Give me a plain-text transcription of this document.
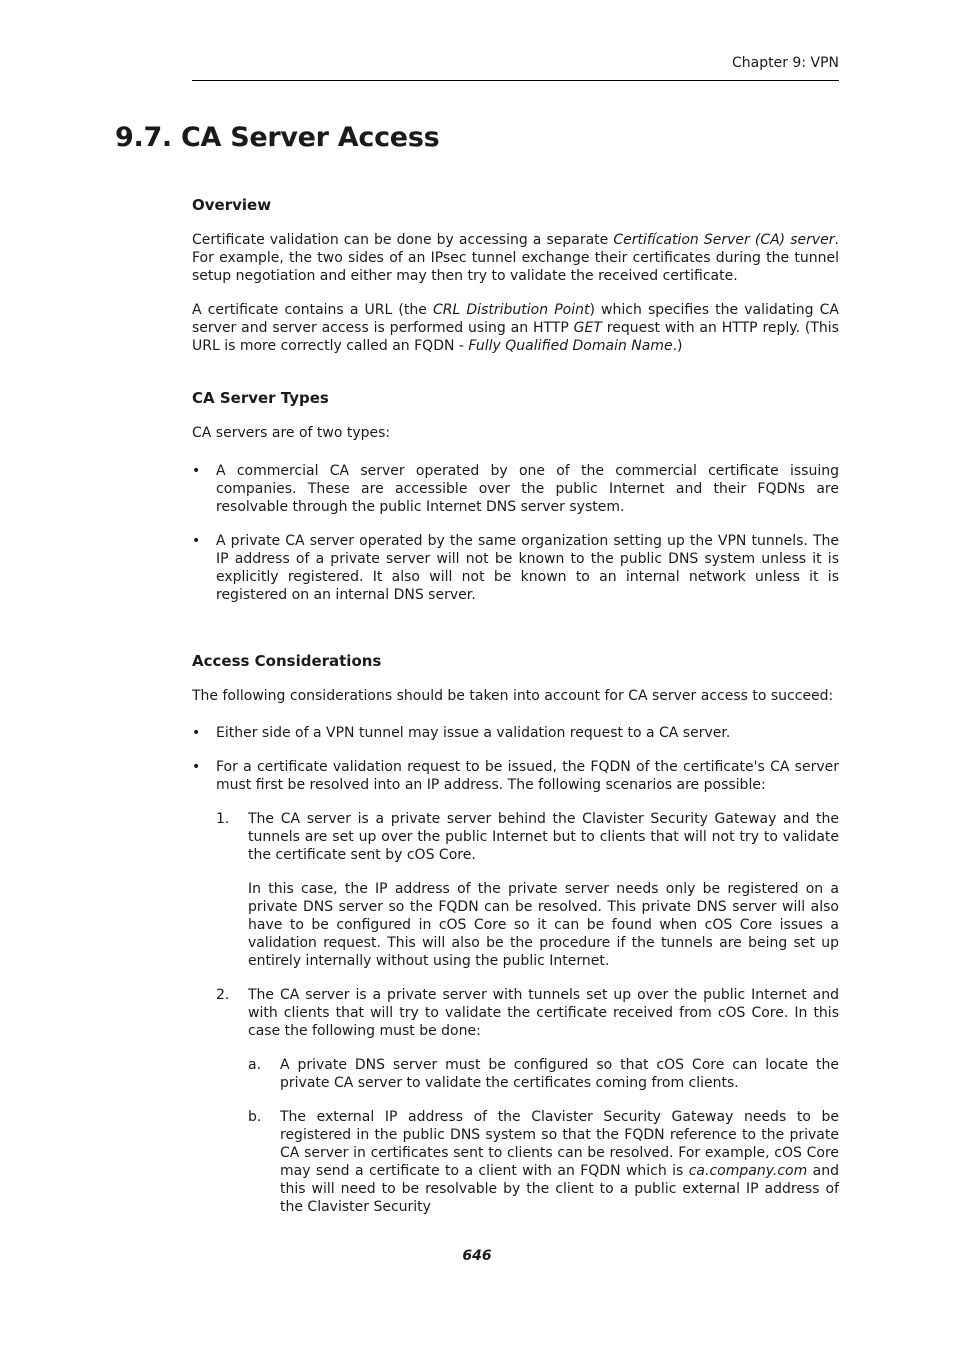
Chapter 9: VPN
9.7. CA Server Access
Overview

Certificate validation can be done by accessing a separate Certifícation Server (CA) server. For example, the two sides of an IPsec tunnel exchange their certificates during the tunnel setup negotiation and either may then try to validate the received certificate.

A certificate contains a URL (the CRL Distribution Point) which specifies the validating CA server and server access is performed using an HTTP GET request with an HTTP reply. (This URL is more correctly called an FQDN - Fully Qualified Domain Name.)

CA Server Types

CA servers are of two types:

• A commercial CA server operated by one of the commercial certificate issuing companies. These are accessible over the public Internet and their FQDNs are resolvable through the public Internet DNS server system.
• A private CA server operated by the same organization setting up the VPN tunnels. The IP address of a private server will not be known to the public DNS system unless it is explicitly registered. It also will not be known to an internal network unless it is registered on an internal DNS server.
Access Considerations

The following considerations should be taken into account for CA server access to succeed:

• Either side of a VPN tunnel may issue a validation request to a CA server.
• For a certificate validation request to be issued, the FQDN of the certificate's CA server must first be resolved into an IP address. The following scenarios are possible:
1. The CA server is a private server behind the Clavister Security Gateway and the tunnels are set up over the public Internet but to clients that will not try to validate the certificate sent by cOS Core.

In this case, the IP address of the private server needs only be registered on a private DNS server so the FQDN can be resolved. This private DNS server will also have to be configured in cOS Core so it can be found when cOS Core issues a validation request. This will also be the procedure if the tunnels are being set up entirely internally without using the public Internet.

2. The CA server is a private server with tunnels set up over the public Internet and with clients that will try to validate the certificate received from cOS Core. In this case the following must be done:

a. A private DNS server must be configured so that cOS Core can locate the private CA server to validate the certificates coming from clients.

b. The external IP address of the Clavister Security Gateway needs to be registered in the public DNS system so that the FQDN reference to the private CA server in certificates sent to clients can be resolved. For example, cOS Core may send a certificate to a client with an FQDN which is ca.company.com and this will need to be resolvable by the client to a public external IP address of the Clavister Security

646
